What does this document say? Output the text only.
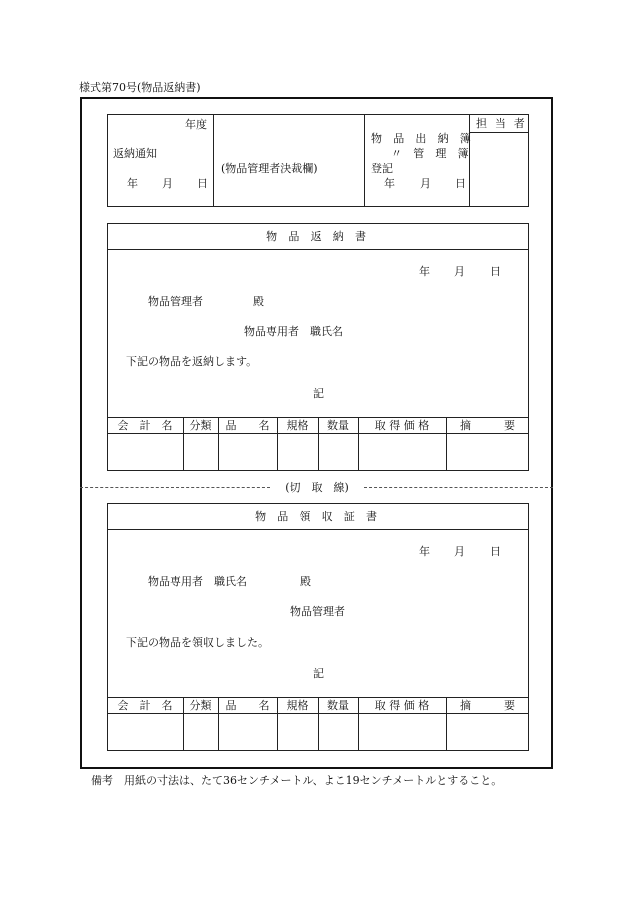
様式第70号(物品返納書)
年度
返納通知
年 月 日
(物品管理者決裁欄)
物 品 出 納 簿
〃 管 理 簿
登記
年 月 日
担 当 者
物 品 返 納 書
年 月 日
物品管理者	殿
物品専用者　職氏名
下記の物品を返納します。
記
会　計　名	分類	品　　名	規格	数量	取 得 価 格	摘　　　要
(切　取　線)
物 品 領 収 証 書
年 月 日
物品専用者　職氏名	殿
物品管理者
下記の物品を領収しました。
記
会　計　名	分類	品　　名	規格	数量	取 得 価 格	摘　　　要
備考　用紙の寸法は、たて36センチメートル、よこ19センチメートルとすること。
